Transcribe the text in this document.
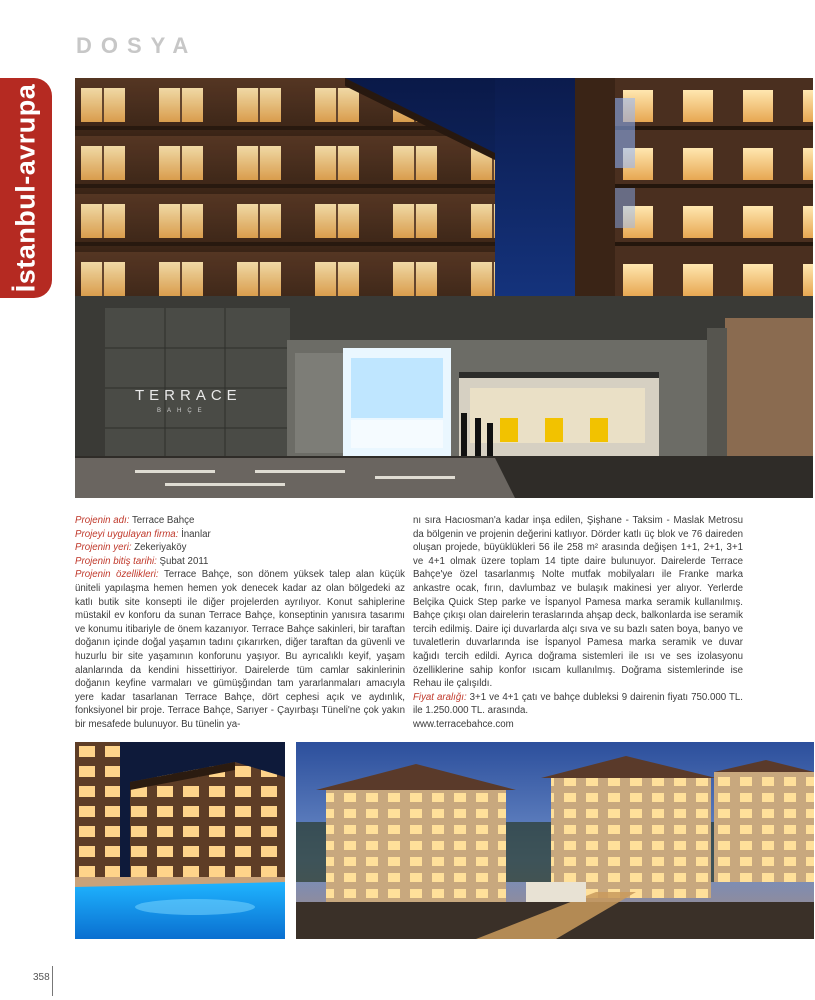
DOSYA
İstanbul-avrupa
TERRACE
BAHÇE

Projenin adı: Terrace Bahçe

Projeyi uygulayan firma: İnanlar

Projenin yeri: Zekeriyaköy

Projenin bitiş tarihi: Şubat 2011

Projenin özellikleri: Terrace Bahçe, son dönem yüksek talep alan küçük üniteli yapılaşma hemen hemen yok denecek kadar az olan bölgedeki az katlı butik site konsepti ile diğer projelerden ayrılıyor. Konut sahiplerine müstakil ev konforu da sunan Terrace Bahçe, konseptinin yanısıra tasarımı ve konumu itibariyle de önem kazanıyor. Terrace Bahçe sakinleri, bir taraftan doğanın içinde doğal yaşamın tadını çıkarırken, diğer taraftan da güvenli ve huzurlu bir site yaşamının konforunu yaşıyor. Bu ayrıcalıklı keyif, yaşam alanlarında da kendini hissettiriyor. Dairelerde tüm camlar sakinlerinin doğanın keyfine varmaları ve gümüşğından tam yararlanmaları amacıyla yere kadar tasarlanan Terrace Bahçe, dört cephesi açık ve aydınlık, fonksiyonel bir proje. Terrace Bahçe, Sarıyer - Çayırbaşı Tüneli'ne çok yakın bir mesafede bulunuyor. Bu tünelin ya-

nı sıra Hacıosman'a kadar inşa edilen, Şişhane - Taksim - Maslak Metrosu da bölgenin ve projenin değerini katlıyor. Dörder katlı üç blok ve 76 daireden oluşan projede, büyüklükleri 56 ile 258 m² arasında değişen 1+1, 2+1, 3+1 ve 4+1 olmak üzere toplam 14 tipte daire bulunuyor. Dairelerde Terrace Bahçe'ye özel tasarlanmış Nolte mutfak mobilyaları ile Franke marka ankastre ocak, fırın, davlumbaz ve bulaşık makinesi yer alıyor. Yerlerde Belçika Quick Step parke ve İspanyol Pamesa marka seramik kullanılmış. Bahçe çıkışı olan dairelerin teraslarında ahşap deck, balkonlarda ise seramik tercih edilmiş. Daire içi duvarlarda alçı sıva ve su bazlı saten boya, banyo ve tuvaletlerin duvarlarında ise İspanyol Pamesa marka seramik ve duvar kağıdı tercih edildi. Ayrıca doğrama sistemleri ile ısı ve ses izolasyonu özelliklerine sahip konfor ısıcam kullanılmış. Doğrama sistemlerinde ise Rehau ile çalışıldı.

Fiyat aralığı: 3+1 ve 4+1 çatı ve bahçe dubleksi 9 dairenin fiyatı 750.000 TL. ile 1.250.000 TL. arasında.

www.terracebahce.com

358
